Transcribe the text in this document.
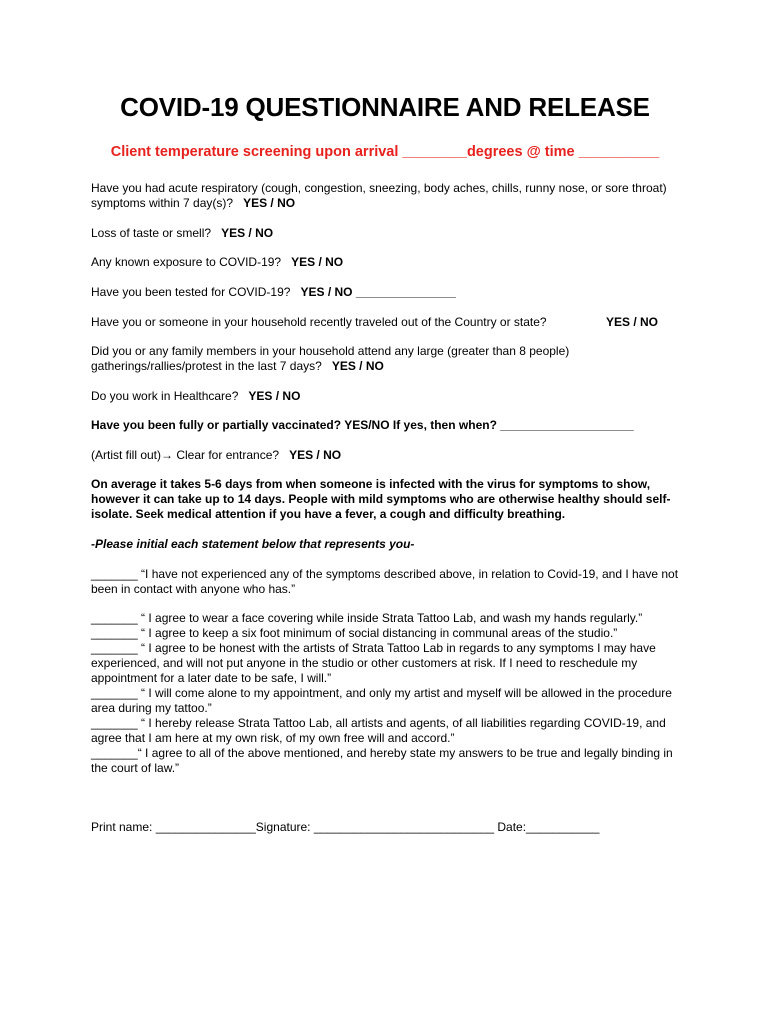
COVID-19 QUESTIONNAIRE AND RELEASE
Client temperature screening upon arrival ________degrees @ time __________
Have you had acute respiratory (cough, congestion, sneezing, body aches, chills, runny nose, or sore throat) symptoms within 7 day(s)? YES / NO
Loss of taste or smell? YES / NO
Any known exposure to COVID-19? YES / NO
Have you been tested for COVID-19? YES / NO _______________
Have you or someone in your household recently traveled out of the Country or state?	YES / NO
Did you or any family members in your household attend any large (greater than 8 people) gatherings/rallies/protest in the last 7 days? YES / NO
Do you work in Healthcare? YES / NO
Have you been fully or partially vaccinated? YES/NO If yes, then when? ____________________
(Artist fill out)→ Clear for entrance? YES / NO
On average it takes 5-6 days from when someone is infected with the virus for symptoms to show, however it can take up to 14 days. People with mild symptoms who are otherwise healthy should self-isolate. Seek medical attention if you have a fever, a cough and difficulty breathing.
-Please initial each statement below that represents you-
_______ “I have not experienced any of the symptoms described above, in relation to Covid-19, and I have not been in contact with anyone who has.”
_______ “ I agree to wear a face covering while inside Strata Tattoo Lab, and wash my hands regularly.”
_______ “ I agree to keep a six foot minimum of social distancing in communal areas of the studio.”
_______ “ I agree to be honest with the artists of Strata Tattoo Lab in regards to any symptoms I may have experienced, and will not put anyone in the studio or other customers at risk. If I need to reschedule my appointment for a later date to be safe, I will.”
_______ “ I will come alone to my appointment, and only my artist and myself will be allowed in the procedure area during my tattoo.”
_______ “ I hereby release Strata Tattoo Lab, all artists and agents, of all liabilities regarding COVID-19, and agree that I am here at my own risk, of my own free will and accord.”
_______“ I agree to all of the above mentioned, and hereby state my answers to be true and legally binding in the court of law.”
Print name: _______________Signature: ___________________________ Date:___________
